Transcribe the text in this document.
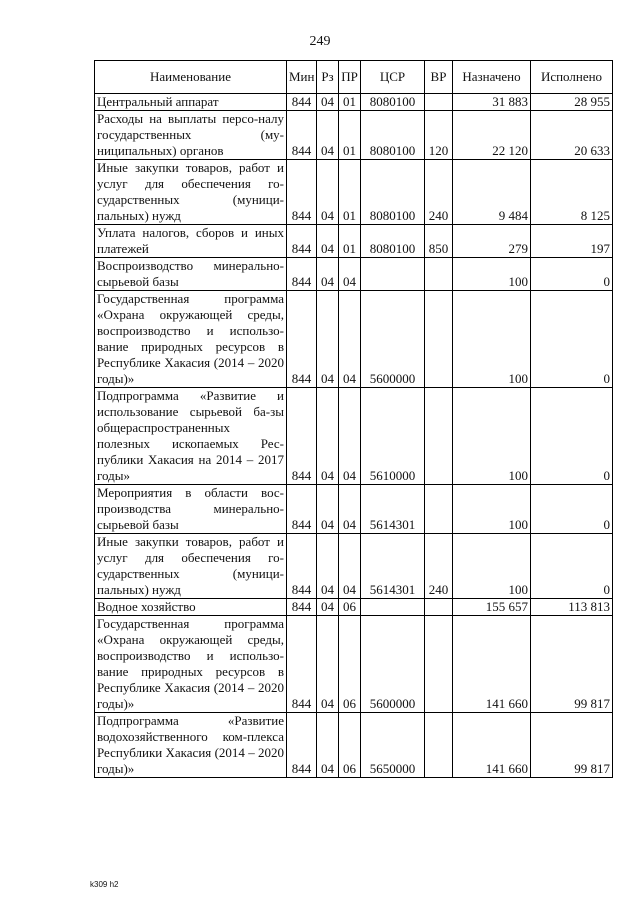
249
Наименование	Мин	Рз	ПР	ЦСР	ВР	Назначено	Исполнено
Центральный аппарат	844	04	01	8080100		31 883	28 955
Расходы на выплаты персо-налу государственных (му-ниципальных) органов	844	04	01	8080100	120	22 120	20 633
Иные закупки товаров, работ и услуг для обеспечения го-сударственных (муници-пальных) нужд	844	04	01	8080100	240	9 484	8 125
Уплата налогов, сборов и иных платежей	844	04	01	8080100	850	279	197
Воспроизводство минерально-сырьевой базы	844	04	04			100	0
Государственная программа «Охрана окружающей среды, воспроизводство и использо-вание природных ресурсов в Республике Хакасия (2014 – 2020 годы)»	844	04	04	5600000		100	0
Подпрограмма «Развитие и использование сырьевой ба-зы общераспространенных полезных ископаемых Рес-публики Хакасия на 2014 – 2017 годы»	844	04	04	5610000		100	0
Мероприятия в области вос-производства минерально-сырьевой базы	844	04	04	5614301		100	0
Иные закупки товаров, работ и услуг для обеспечения го-сударственных (муници-пальных) нужд	844	04	04	5614301	240	100	0
Водное хозяйство	844	04	06			155 657	113 813
Государственная программа «Охрана окружающей среды, воспроизводство и использо-вание природных ресурсов в Республике Хакасия (2014 – 2020 годы)»	844	04	06	5600000		141 660	99 817
Подпрограмма «Развитие водохозяйственного ком-плекса Республики Хакасия (2014 – 2020 годы)»	844	04	06	5650000		141 660	99 817
k309 h2
